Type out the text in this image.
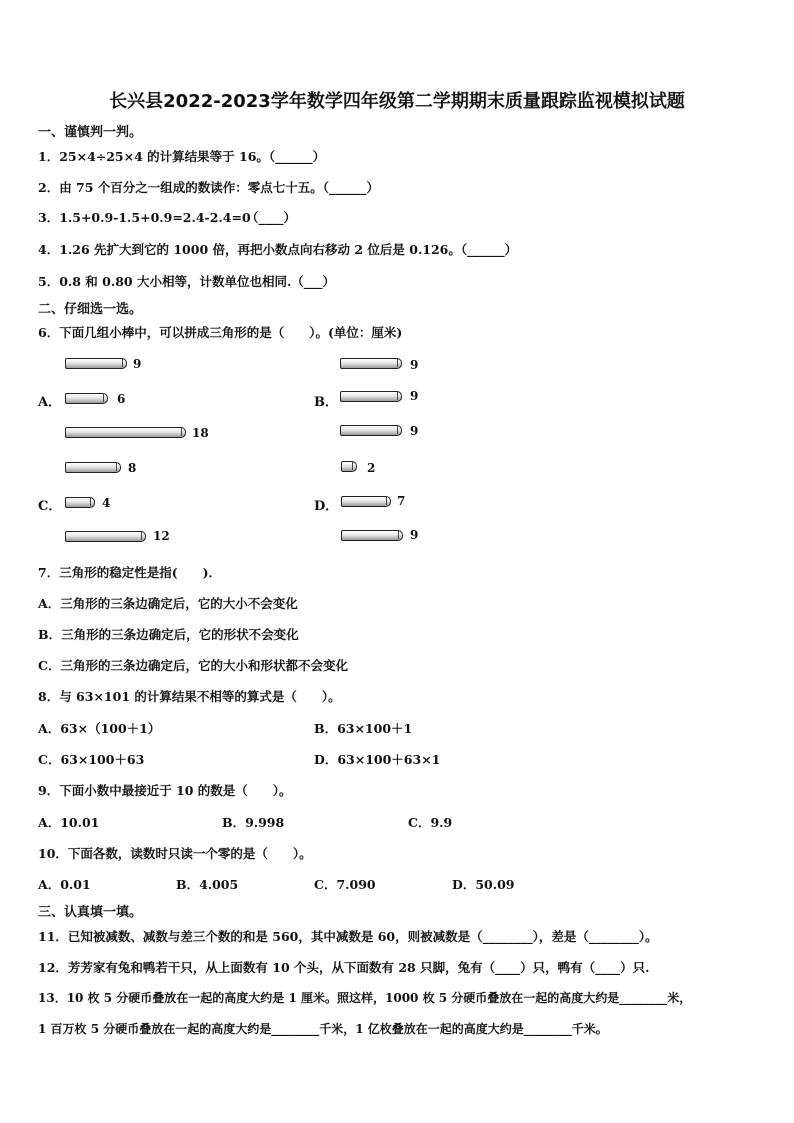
长兴县2022-2023学年数学四年级第二学期期末质量跟踪监视模拟试题
一、谨慎判一判。
1．25×4÷25×4 的计算结果等于 16。（______）
2．由 75 个百分之一组成的数读作：零点七十五。（______）
3．1.5+0.9-1.5+0.9=2.4-2.4=0
（____）
4．1.26 先扩大到它的 1000 倍，再把小数点向右移动 2 位后是 0.126。（______）
5．0.8 和 0.80 大小相等，计数单位也相同.（___）
二、仔细选一选。
6．下面几组小棒中，可以拼成三角形的是（　　）。(单位：厘米)
A．
9
6
18
B．
9
9
9
C．
8
4
12
D．
2
7
9
7．三角形的稳定性是指(　　)．
A．三角形的三条边确定后，它的大小不会变化
B．三角形的三条边确定后，它的形状不会变化
C．三角形的三条边确定后，它的大小和形状都不会变化
8．与 63×101 的计算结果不相等的算式是（　　）。
A．63×（100＋1）	B．63×100＋1
C．63×100＋63	D．63×100＋63×1
9．下面小数中最接近于 10 的数是（　　）。
A．10.01	B．9.998	C．9.9
10．下面各数，读数时只读一个零的是（　　）。
A．0.01	B．4.005	C．7.090	D．50.09
三、认真填一填。
11．已知被减数、减数与差三个数的和是 560，其中减数是 60，则被减数是（________），差是（________）。
12．芳芳家有兔和鸭若干只，从上面数有 10 个头，从下面数有 28 只脚，兔有（____）只，鸭有（____）只.
13．10 枚 5 分硬币叠放在一起的高度大约是 1 厘米。照这样，1000 枚 5 分硬币叠放在一起的高度大约是________米，
1 百万枚 5 分硬币叠放在一起的高度大约是________千米，1 亿枚叠放在一起的高度大约是________千米。
